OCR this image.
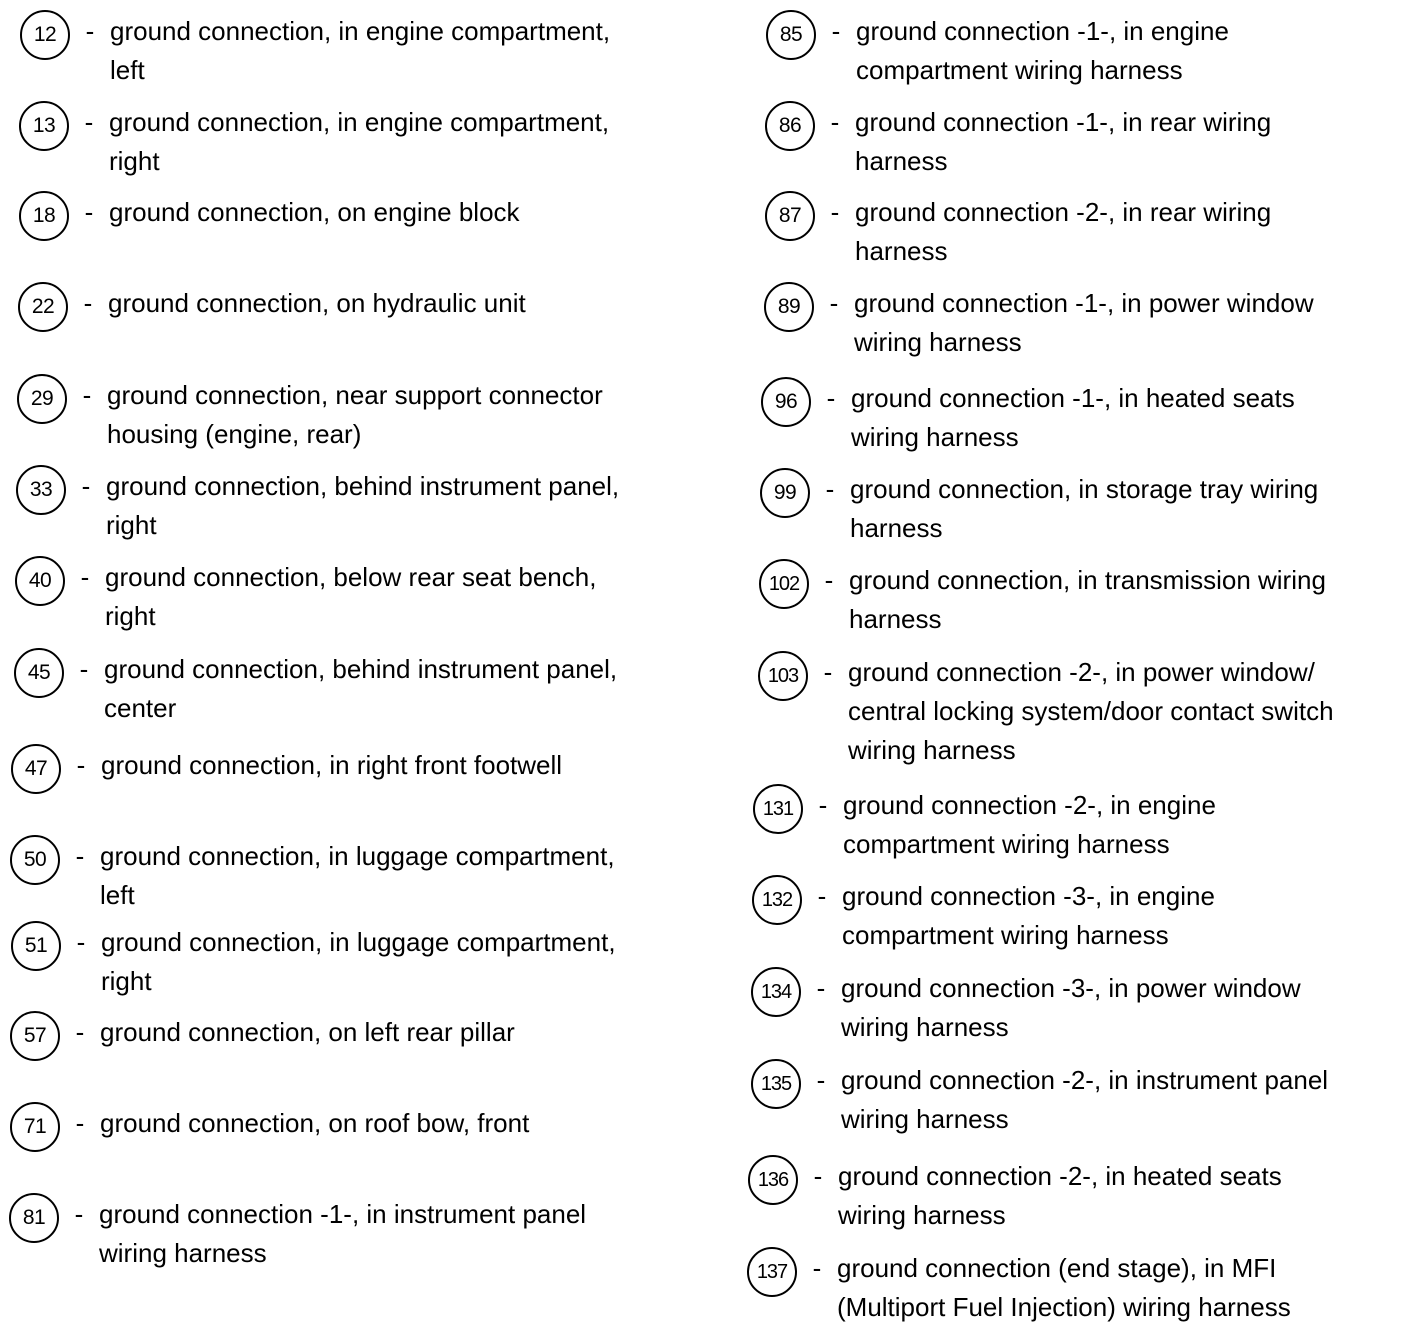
12	- ground connection, in engine compartment,
left
13	- ground connection, in engine compartment,
right
18	- ground connection, on engine block
22	- ground connection, on hydraulic unit
29	- ground connection, near support connector
housing (engine, rear)
33	- ground connection, behind instrument panel,
right
40	- ground connection, below rear seat bench,
right
45	- ground connection, behind instrument panel,
center
47	- ground connection, in right front footwell
50	- ground connection, in luggage compartment,
left
51	- ground connection, in luggage compartment,
right
57	- ground connection, on left rear pillar
71	- ground connection, on roof bow, front
81	- ground connection -1-, in instrument panel
wiring harness
85	- ground connection -1-, in engine
compartment wiring harness
86	- ground connection -1-, in rear wiring
harness
87	- ground connection -2-, in rear wiring
harness
89	- ground connection -1-, in power window
wiring harness
96	- ground connection -1-, in heated seats
wiring harness
99	- ground connection, in storage tray wiring
harness
102 - ground connection, in transmission wiring
harness
103 - ground connection -2-, in power window/
central locking system/door contact switch
wiring harness
131 - ground connection -2-, in engine
compartment wiring harness
132 - ground connection -3-, in engine
compartment wiring harness
134 - ground connection -3-, in power window
wiring harness
135 - ground connection -2-, in instrument panel
wiring harness
136 - ground connection -2-, in heated seats
wiring harness
137 - ground connection (end stage), in MFI
(Multiport Fuel Injection) wiring harness
